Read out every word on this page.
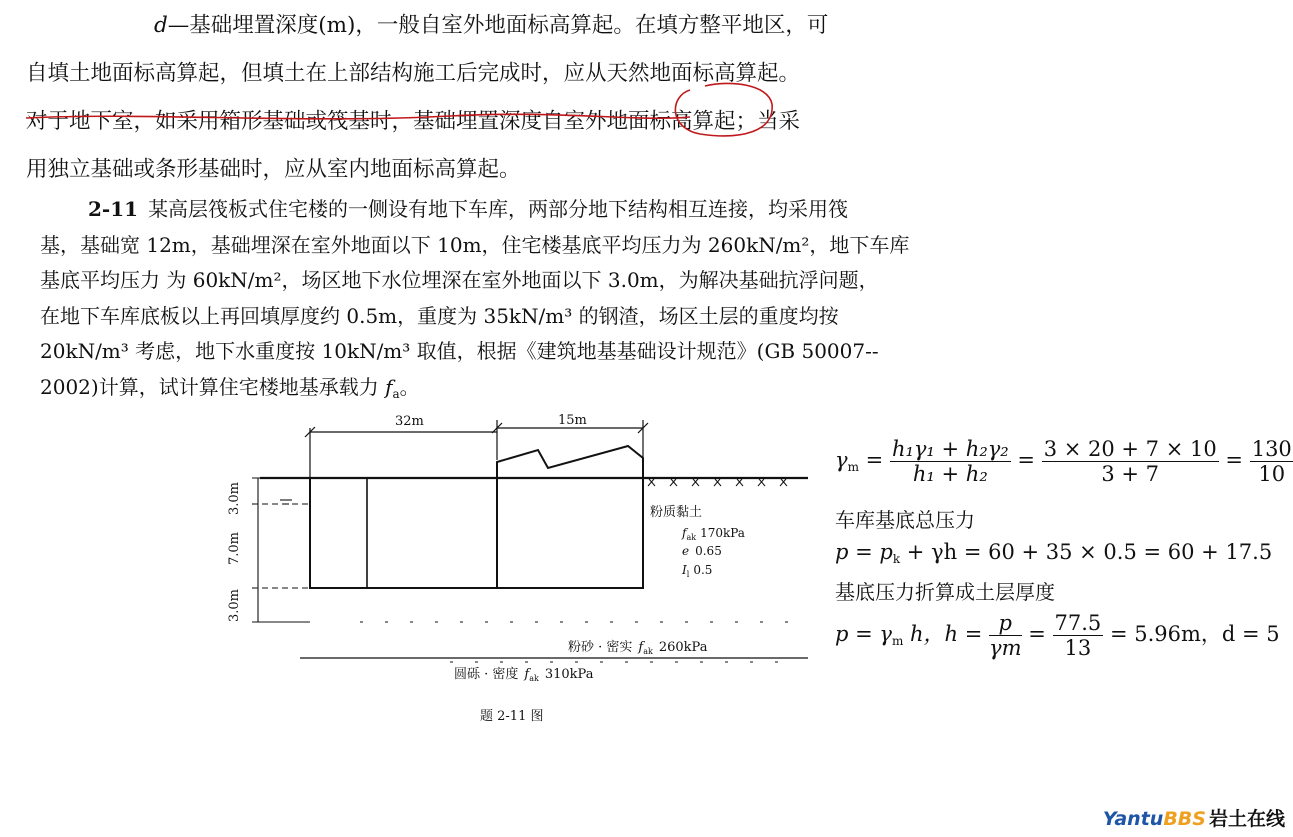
d—基础埋置深度(m)，一般自室外地面标高算起。在填方整平地区，可
自填土地面标高算起，但填土在上部结构施工后完成时，应从天然地面标高算起。
对于地下室，如采用箱形基础或筏基时，基础埋置深度自室外地面标高算起；当采
用独立基础或条形基础时，应从室内地面标高算起。
2-11 某高层筏板式住宅楼的一侧设有地下车库，两部分地下结构相互连接，均采用筏
基，基础宽 12m，基础埋深在室外地面以下 10m，住宅楼基底平均压力为 260kN/m²，地下车库
基底平均压力 为 60kN/m²，场区地下水位埋深在室外地面以下 3.0m，为解决基础抗浮问题，
在地下车库底板以上再回填厚度约 0.5m，重度为 35kN/m³ 的钢渣，场区土层的重度均按
20kN/m³ 考虑，地下水重度按 10kN/m³ 取值，根据《建筑地基基础设计规范》(GB 50007--
2002)计算，试计算住宅楼地基承载力 $f_a$。
32m	15m
3.0m
7.0m
3.0m
粉质黏土
$f_{ak}$ 170kPa
e 0.65
$I_l$ 0.5
粉砂 · 密实 $f_{ak}$ 260kPa
圆砾 · 密度 $f_{ak}$ 310kPa
题 2-11 图
$\gamma m = \frac{\text{h₁γ₁ + h₂γ₂}}{\text{h₁ + h₂}} = \frac{3 \times 20 + 7 \times 10}{3 + 7} = \frac{130}{10}$
车库基底总压力
p = pk + γh = 60 + 35 × 0.5 = 60 + 17.5
基底压力折算成土层厚度
p = γm h，$h = \frac{p}{\gamma m} = \frac{77.5}{13} = 5.96m$，d = 5
YantuBBS 岩土在线
